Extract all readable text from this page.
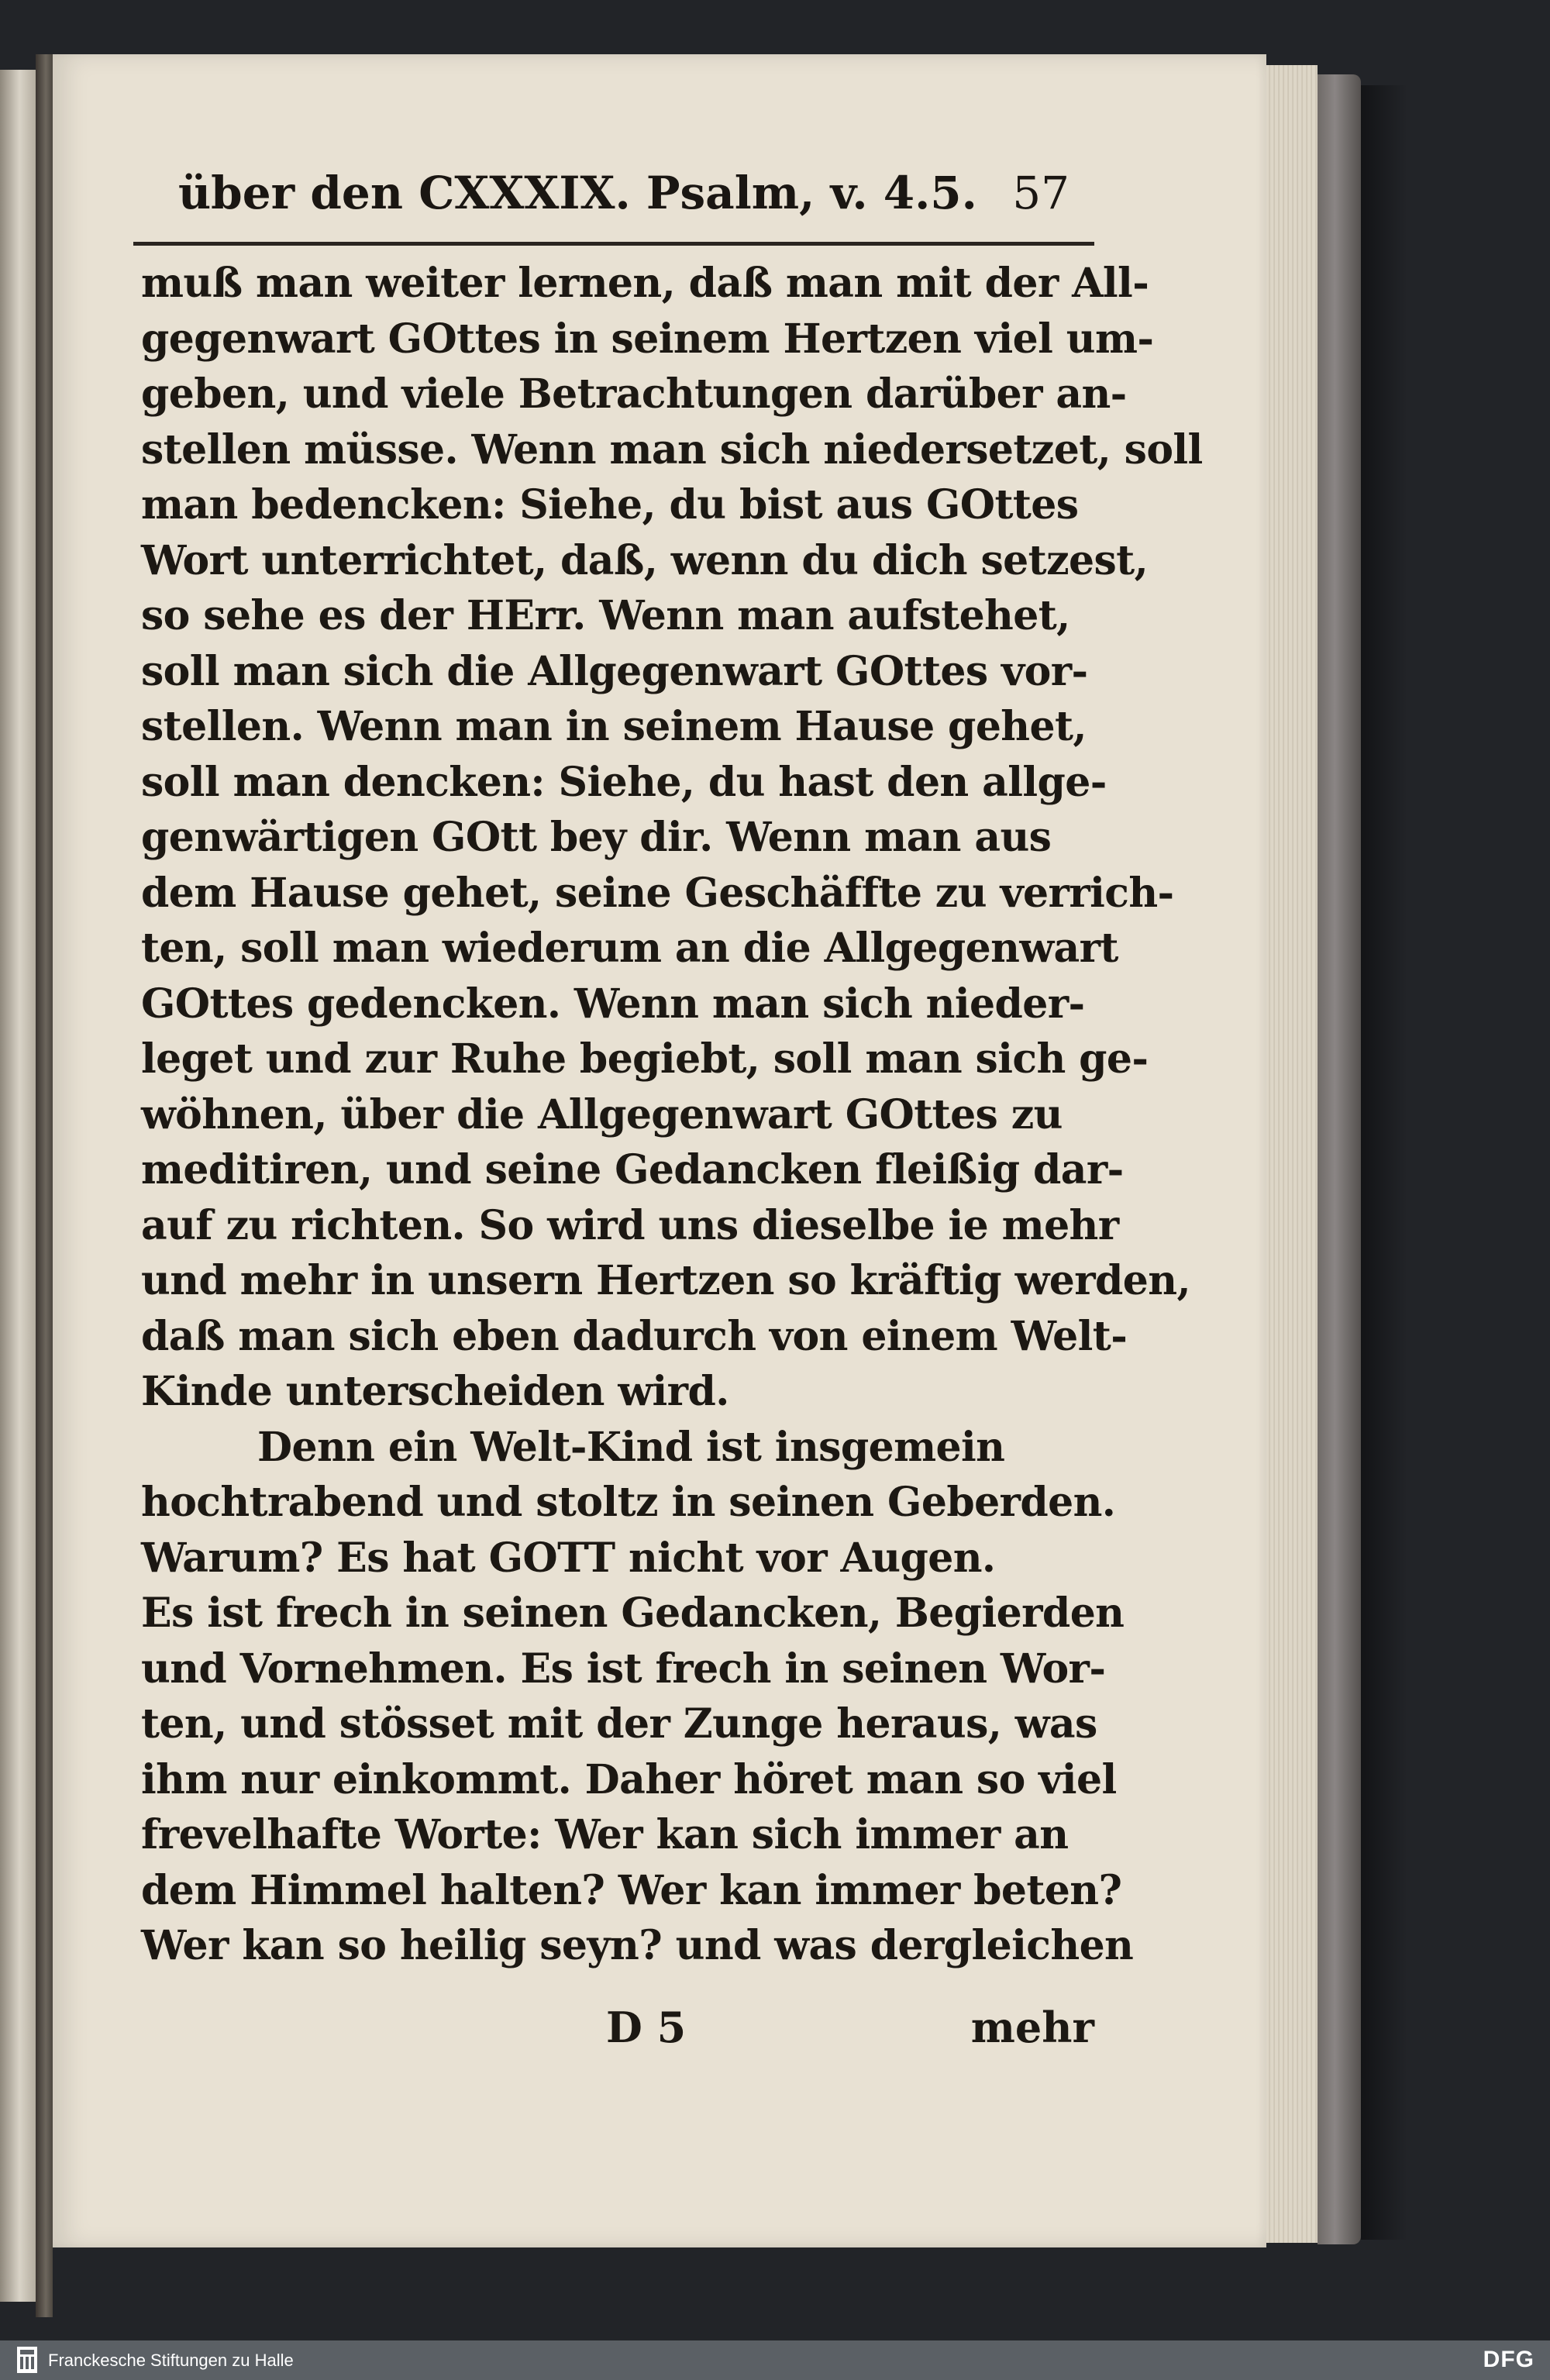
über den CXXXIX. Psalm, v. 4.5. 57
muß man weiter lernen, daß man mit der All-
gegenwart GOttes in seinem Hertzen viel um-
geben, und viele Betrachtungen darüber an-
stellen müsse. Wenn man sich niedersetzet, soll
man bedencken: Siehe, du bist aus GOttes
Wort unterrichtet, daß, wenn du dich setzest,
so sehe es der HErr. Wenn man aufstehet,
soll man sich die Allgegenwart GOttes vor-
stellen. Wenn man in seinem Hause gehet,
soll man dencken: Siehe, du hast den allge-
genwärtigen GOtt bey dir. Wenn man aus
dem Hause gehet, seine Geschäffte zu verrich-
ten, soll man wiederum an die Allgegenwart
GOttes gedencken. Wenn man sich nieder-
leget und zur Ruhe begiebt, soll man sich ge-
wöhnen, über die Allgegenwart GOttes zu
meditiren, und seine Gedancken fleißig dar-
auf zu richten. So wird uns dieselbe ie mehr
und mehr in unsern Hertzen so kräftig werden,
daß man sich eben dadurch von einem Welt-
Kinde unterscheiden wird.
Denn ein Welt-Kind ist insgemein
hochtrabend und stoltz in seinen Geberden.
Warum? Es hat GOTT nicht vor Augen.
Es ist frech in seinen Gedancken, Begierden
und Vornehmen. Es ist frech in seinen Wor-
ten, und stösset mit der Zunge heraus, was
ihm nur einkommt. Daher höret man so viel
frevelhafte Worte: Wer kan sich immer an
dem Himmel halten? Wer kan immer beten?
Wer kan so heilig seyn? und was dergleichen
D 5	mehr
Franckesche Stiftungen zu Halle	DFG
